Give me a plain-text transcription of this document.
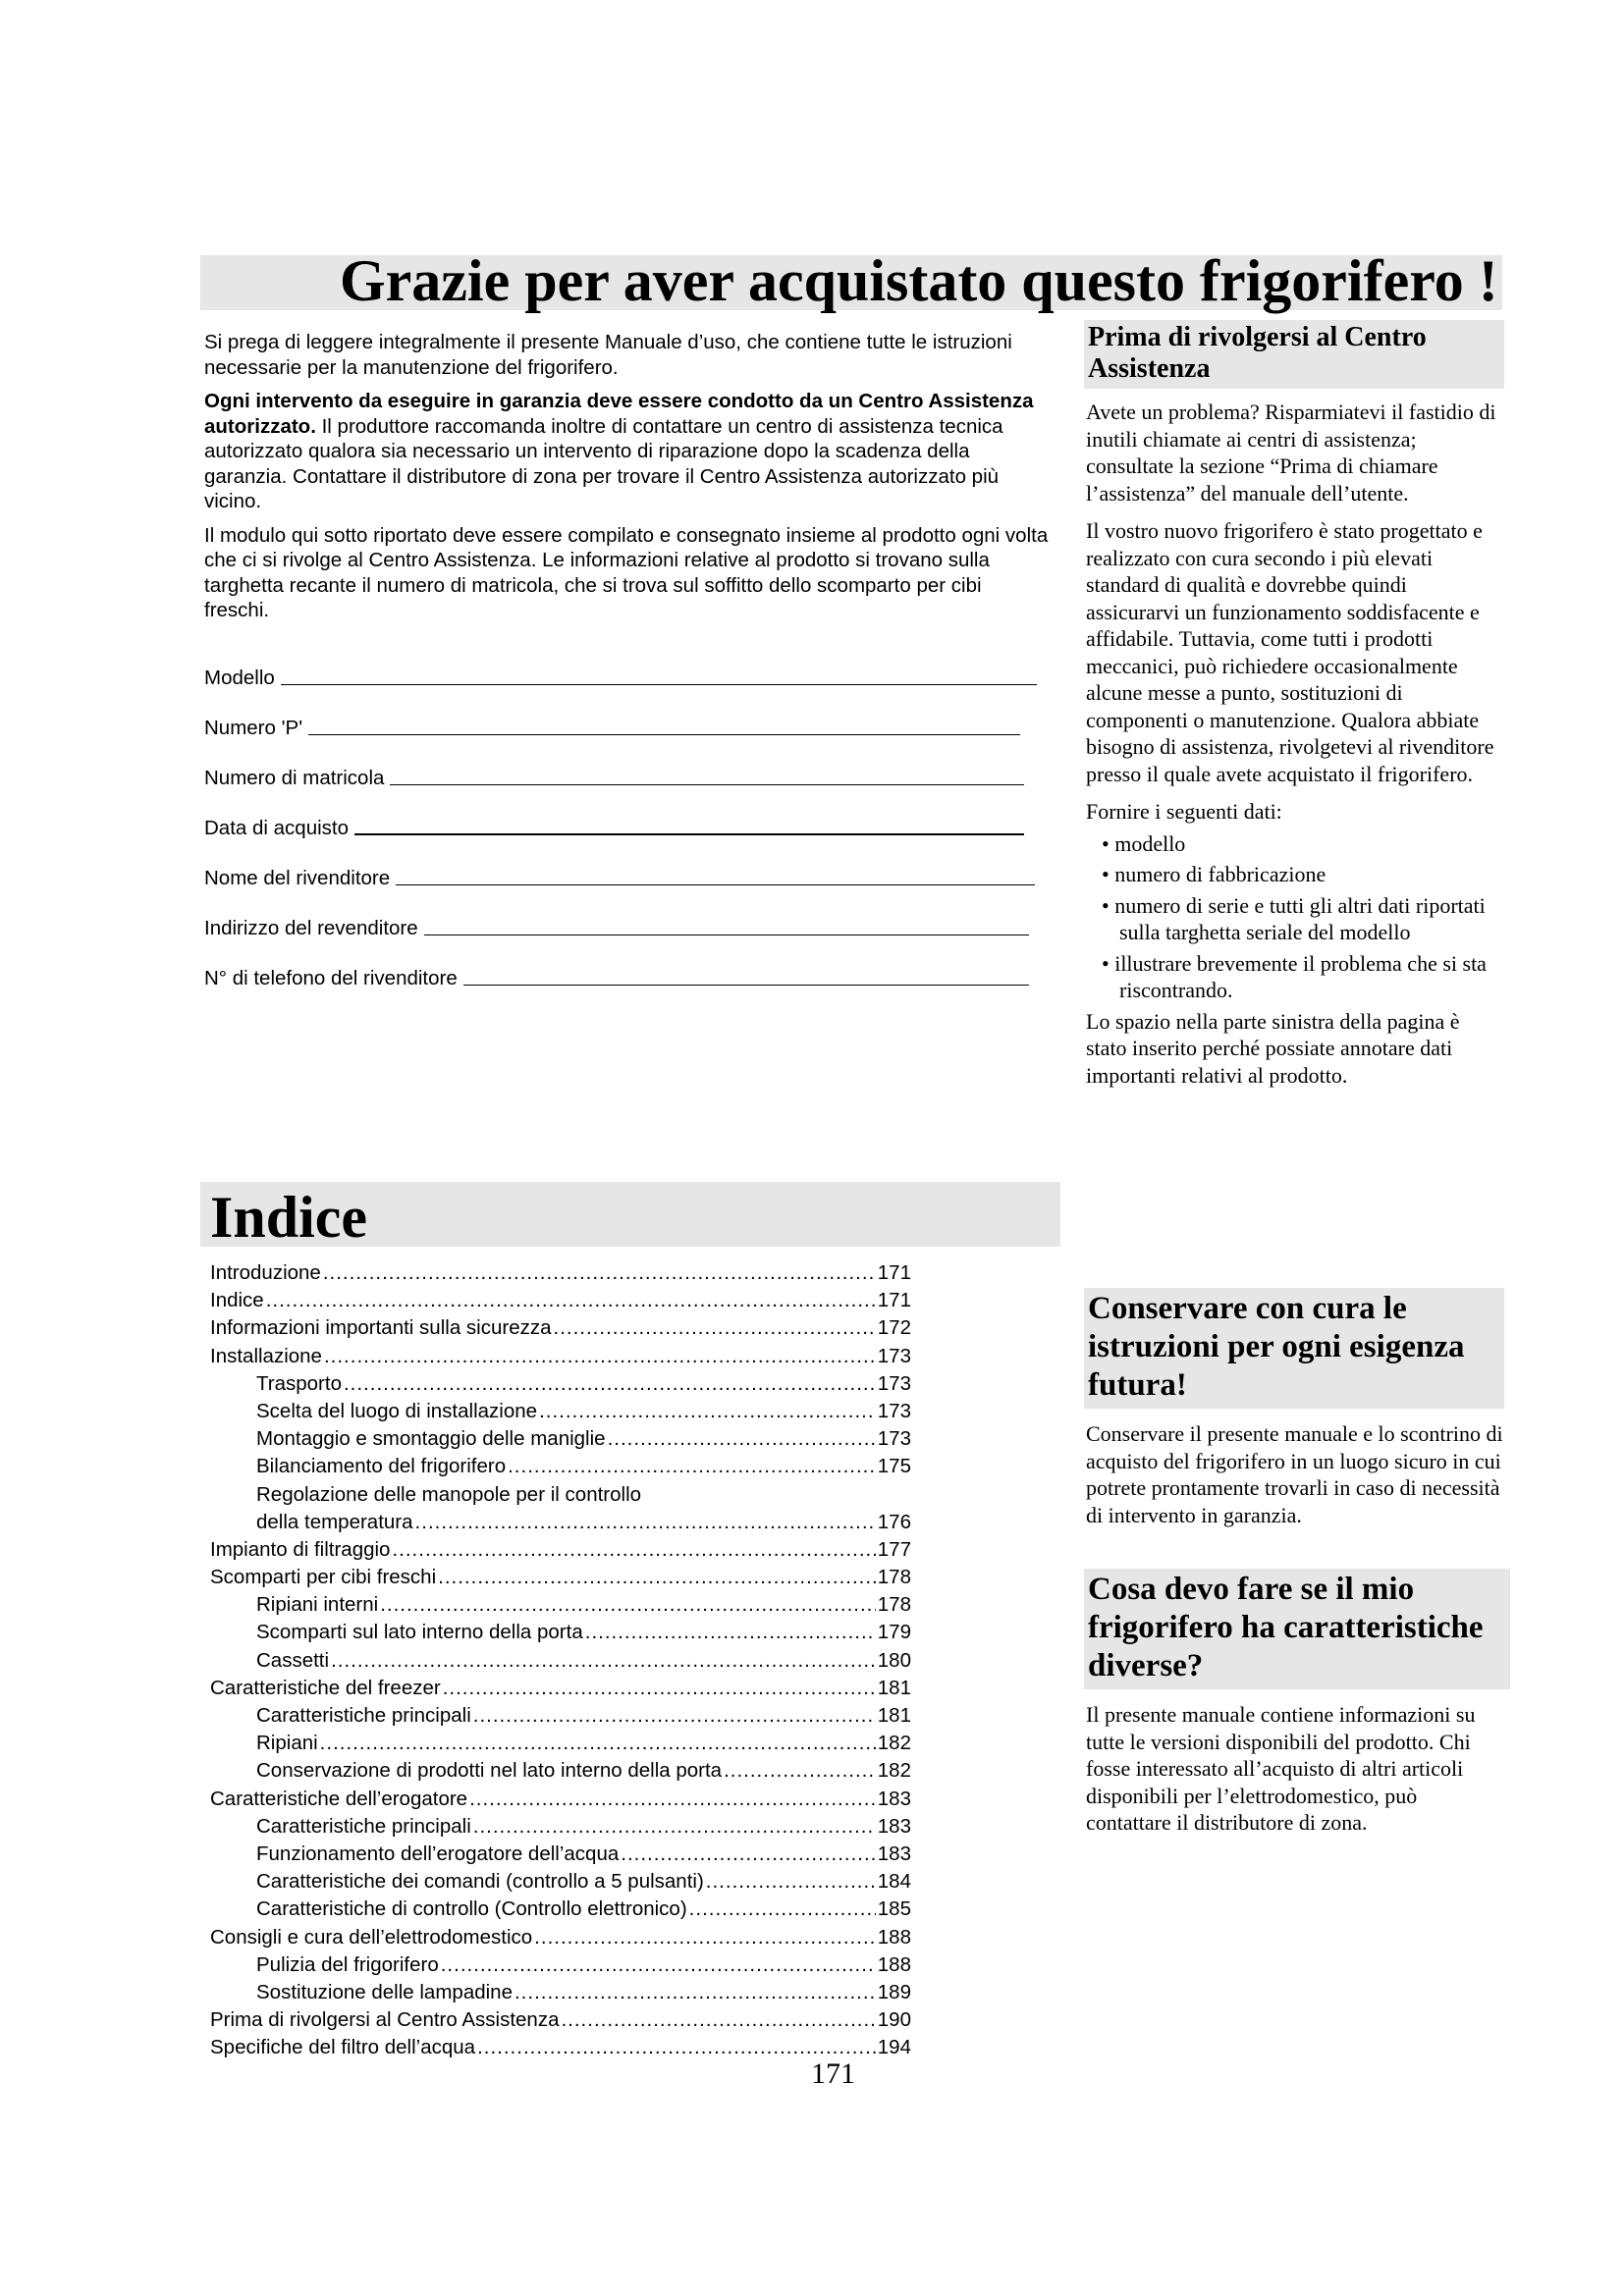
Grazie per aver acquistato questo frigorifero !

Si prega di leggere integralmente il presente Manuale d’uso, che contiene tutte le istruzioni necessarie per la manutenzione del frigorifero.

Ogni intervento da eseguire in garanzia deve essere condotto da un Centro Assistenza autorizzato. Il produttore raccomanda inoltre di contattare un centro di assistenza tecnica autorizzato qualora sia necessario un intervento di riparazione dopo la scadenza della garanzia. Contattare il distributore di zona per trovare il Centro Assistenza autorizzato più vicino.

Il modulo qui sotto riportato deve essere compilato e consegnato insieme al prodotto ogni volta che ci si rivolge al Centro Assistenza. Le informazioni relative al prodotto si trovano sulla targhetta recante il numero di matricola, che si trova sul soffitto dello scomparto per cibi freschi.

Modello
Numero 'P'
Numero di matricola
Data di acquisto
Nome del rivenditore
Indirizzo del revenditore
N° di telefono del rivenditore
Indice
Introduzione .....	171
Indice .....	171
Informazioni importanti sulla sicurezza .....	172
Installazione .....	173
Trasporto .....	173
Scelta del luogo di installazione .....	173
Montaggio e smontaggio delle maniglie .....	173
Bilanciamento del frigorifero .....	175
Regolazione delle manopole per il controllo
della temperatura .....	176
Impianto di filtraggio .....	177
Scomparti per cibi freschi .....	178
Ripiani interni .....	178
Scomparti sul lato interno della porta .....	179
Cassetti .....	180
Caratteristiche del freezer .....	181
Caratteristiche principali .....	181
Ripiani .....	182
Conservazione di prodotti nel lato interno della porta .....	182
Caratteristiche dell’erogatore .....	183
Caratteristiche principali .....	183
Funzionamento dell’erogatore dell’acqua .....	183
Caratteristiche dei comandi (controllo a 5 pulsanti) .....	184
Caratteristiche di controllo (Controllo elettronico) .....	185
Consigli e cura dell’elettrodomestico .....	188
Pulizia del frigorifero .....	188
Sostituzione delle lampadine .....	189
Prima di rivolgersi al Centro Assistenza .....	190
Specifiche del filtro dell’acqua .....	194
171
Prima di rivolgersi al Centro Assistenza

Avete un problema? Risparmiatevi il fastidio di inutili chiamate ai centri di assistenza; consultate la sezione “Prima di chiamare l’assistenza” del manuale dell’utente.

Il vostro nuovo frigorifero è stato progettato e realizzato con cura secondo i più elevati standard di qualità e dovrebbe quindi assicurarvi un funzionamento soddisfacente e affidabile. Tuttavia, come tutti i prodotti meccanici, può richiedere occasionalmente alcune messe a punto, sostituzioni di componenti o manutenzione. Qualora abbiate bisogno di assistenza, rivolgetevi al rivenditore presso il quale avete acquistato il frigorifero.

Fornire i seguenti dati:

• modello
• numero di fabbricazione
• numero di serie e tutti gli altri dati riportati sulla targhetta seriale del modello
• illustrare brevemente il problema che si sta riscontrando.

Lo spazio nella parte sinistra della pagina è stato inserito perché possiate annotare dati importanti relativi al prodotto.

Conservare con cura le istruzioni per ogni esigenza futura!

Conservare il presente manuale e lo scontrino di acquisto del frigorifero in un luogo sicuro in cui potrete prontamente trovarli in caso di necessità di intervento in garanzia.

Cosa devo fare se il mio frigorifero ha caratteristiche diverse?

Il presente manuale contiene informazioni su tutte le versioni disponibili del prodotto. Chi fosse interessato all’acquisto di altri articoli disponibili per l’elettrodomestico, può contattare il distributore di zona.
